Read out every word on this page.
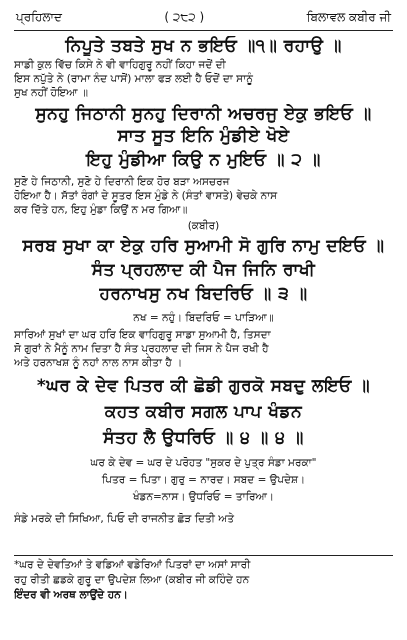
ਪ੍ਰਹਿਲਾਦ	( ੨੮੨ )	ਬਿਲਾਵਲ ਕਬੀਰ ਜੀ
ਨਿਪੂਤੇ ਤਬਤੇ ਸੁਖ ਨ ਭਇਓ ॥੧॥ ਰਹਾਉ ॥
ਸਾਡੀ ਕੁਲ ਵਿੱਚ ਕਿਸੇ ਨੇ ਵੀ ਵਾਹਿਗੁਰੂ ਨਹੀਂ ਕਿਹਾ ਜਦੋਂ ਦੀ
ਇਸ ਨਪੁੱਤੇ ਨੇ (ਰਾਮਾ ਨੰਦ ਪਾਸੋਂ) ਮਾਲਾ ਫੜ ਲਈ ਹੈ ਓਦੋਂ ਦਾ ਸਾਨੂੰ
ਸੁਖ ਨਹੀਂ ਹੋਇਆ ॥
ਸੁਨਹੁ ਜਿਠਾਨੀ ਸੁਨਹੁ ਦਿਰਾਨੀ ਅਚਰਜੁ ਏਕੁ ਭਇਓ ॥
ਸਾਤ ਸੂਤ ਇਨਿ ਮੁੰਡੀਏ ਖੋਏ
ਇਹੁ ਮੁੰਡੀਆ ਕਿਉ ਨ ਮੁਇਓ ॥ ੨ ॥
ਸੁਣੋ ਹੇ ਜਿਠਾਨੀ, ਸੁਣੋ ਹੇ ਦਿਰਾਨੀ ਇਕ ਹੋਰ ਬੜਾ ਅਸਚਰਜ
ਹੋਇਆ ਹੈ। ਸੱਤਾਂ ਰੰਗਾਂ ਦੇ ਸੂਤਰ ਇਸ ਮੁੰਡੇ ਨੇ (ਸੰਤਾਂ ਵਾਸਤੇ) ਵੇਚਕੇ ਨਾਸ
ਕਰ ਦਿੱਤੇ ਹਨ, ਇਹੁ ਮੁੰਡਾ ਕਿਉਂ ਨ ਮਰ ਗਿਆ॥
(ਕਬੀਰ)
ਸਰਬ ਸੁਖਾ ਕਾ ਏਕੁ ਹਰਿ ਸੁਆਮੀ ਸੋ ਗੁਰਿ ਨਾਮੁ ਦਇਓ ॥
ਸੰਤ ਪ੍ਰਹਲਾਦ ਕੀ ਪੈਜ ਜਿਨਿ ਰਾਖੀ
ਹਰਨਾਖਸੁ ਨਖ ਬਿਦਰਿਓ ॥ ੩ ॥
ਨਖ = ਨਹੁੰ। ਬਿਦਰਿਓ = ਪਾੜਿਆ॥
ਸਾਰਿਆਂ ਸੁਖਾਂ ਦਾ ਘਰ ਹਰਿ ਇਕ ਵਾਹਿਗੁਰੂ ਸਾਡਾ ਸੁਆਮੀ ਹੈ, ਤਿਸਦਾ
ਸੋ ਗੁਰਾਂ ਨੇ ਮੈਨੂੰ ਨਾਮ ਦਿਤਾ ਹੈ ਸੰਤ ਪ੍ਰਹਲਾਦ ਦੀ ਜਿਸ ਨੇ ਪੈਜ ਰਖੀ ਹੈ
ਅਤੇ ਹਰਨਾਖਸ਼ ਨੂੰ ਨਹਾਂ ਨਾਲ ਨਾਸ ਕੀਤਾ ਹੈ ।
*ਘਰ ਕੇ ਦੇਵ ਪਿਤਰ ਕੀ ਛੋਡੀ ਗੁਰਕੋ ਸਬਦੁ ਲਇਓ ॥
ਕਹਤ ਕਬੀਰ ਸਗਲ ਪਾਪ ਖੰਡਨ
ਸੰਤਹ ਲੈ ਉਧਰਿਓ ॥ ੪ ॥ ੪ ॥
ਘਰ ਕੇ ਦੇਵ = ਘਰ ਦੇ ਪਰੋਹਤ "ਸੁਕਰ ਦੇ ਪੁਤ੍ਰ ਸੰਡਾ ਮਰਕਾ"
ਪਿਤਰ = ਪਿਤਾ। ਗੁਰੁ = ਨਾਰਦ। ਸਬਦ = ਉਪਦੇਸ਼।
ਖੰਡਨ=ਨਾਸ। ਉਧਰਿਓ = ਤਾਰਿਆ।
ਸੰਡੇ ਮਰਕੇ ਦੀ ਸਿਖਿਆ, ਪਿਓ ਦੀ ਰਾਜਨੀਤ ਛੋੜ ਦਿਤੀ ਅਤੇ
*ਘਰ ਦੇ ਦੇਵਤਿਆਂ ਤੇ ਵਡਿਆਂ ਵਡੇਰਿਆਂ ਪਿਤਰਾਂ ਦਾ ਅਸਾਂ ਸਾਰੀ
ਰਹੁ ਰੀਤੀ ਛਡਕੇ ਗੁਰੂ ਦਾ ਉਪਦੇਸ਼ ਲਿਆ (ਕਬੀਰ ਜੀ ਕਹਿੰਦੇ ਹਨ
ਇੰਦਰ ਵੀ ਅਰਥ ਲਾਉਂਦੇ ਹਨ।
